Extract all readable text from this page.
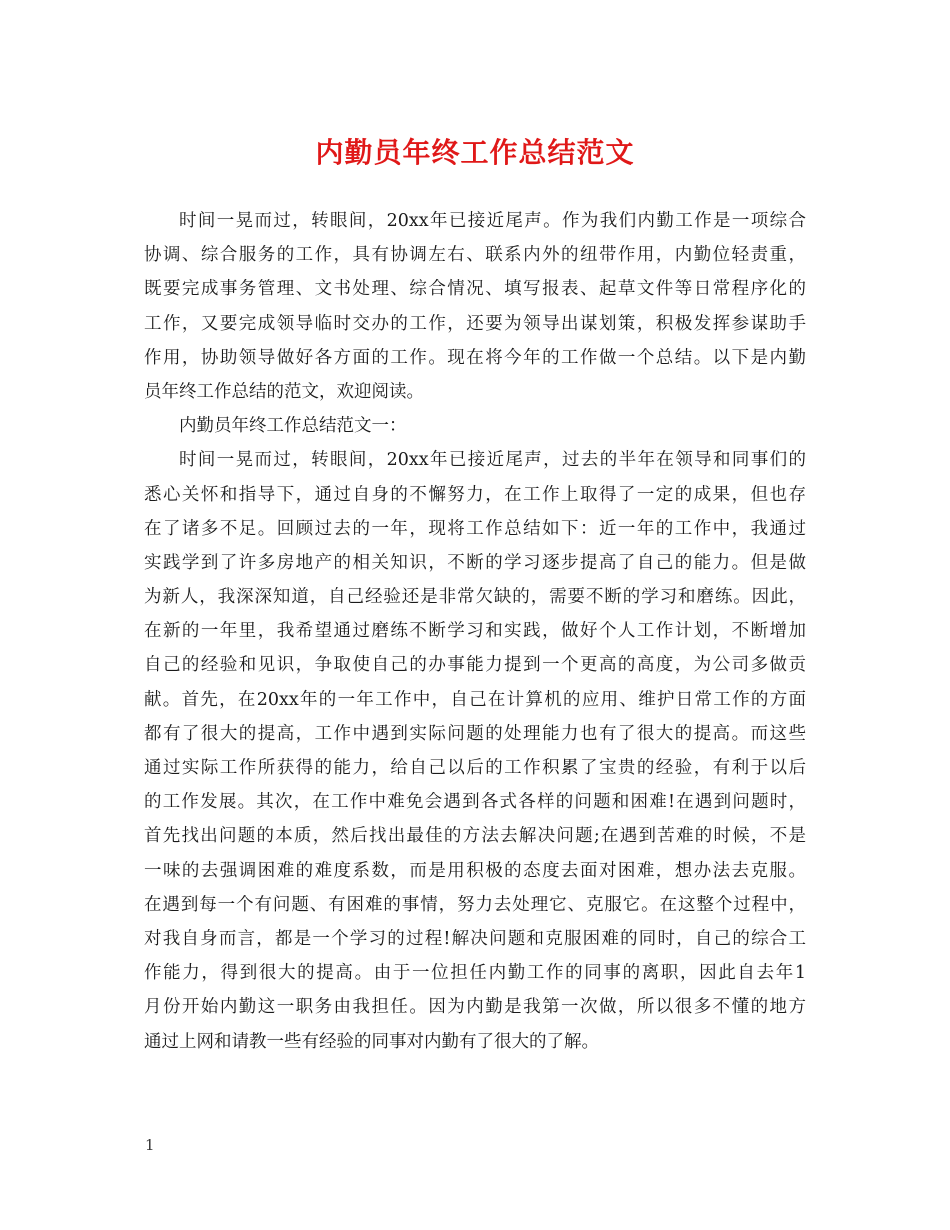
内勤员年终工作总结范文
时间一晃而过，转眼间，20xx年已接近尾声。作为我们内勤工作是一项综合
协调、综合服务的工作，具有协调左右、联系内外的纽带作用，内勤位轻责重，
既要完成事务管理、文书处理、综合情况、填写报表、起草文件等日常程序化的
工作，又要完成领导临时交办的工作，还要为领导出谋划策，积极发挥参谋助手
作用，协助领导做好各方面的工作。现在将今年的工作做一个总结。以下是内勤
员年终工作总结的范文，欢迎阅读。
内勤员年终工作总结范文一：
时间一晃而过，转眼间，20xx年已接近尾声，过去的半年在领导和同事们的
悉心关怀和指导下，通过自身的不懈努力，在工作上取得了一定的成果，但也存
在了诸多不足。回顾过去的一年，现将工作总结如下：近一年的工作中，我通过
实践学到了许多房地产的相关知识，不断的学习逐步提高了自己的能力。但是做
为新人，我深深知道，自己经验还是非常欠缺的，需要不断的学习和磨练。因此，
在新的一年里，我希望通过磨练不断学习和实践，做好个人工作计划，不断增加
自己的经验和见识，争取使自己的办事能力提到一个更高的高度，为公司多做贡
献。首先，在20xx年的一年工作中，自己在计算机的应用、维护日常工作的方面
都有了很大的提高，工作中遇到实际问题的处理能力也有了很大的提高。而这些
通过实际工作所获得的能力，给自己以后的工作积累了宝贵的经验，有利于以后
的工作发展。其次，在工作中难免会遇到各式各样的问题和困难!在遇到问题时，
首先找出问题的本质，然后找出最佳的方法去解决问题;在遇到苦难的时候，不是
一味的去强调困难的难度系数，而是用积极的态度去面对困难，想办法去克服。
在遇到每一个有问题、有困难的事情，努力去处理它、克服它。在这整个过程中，
对我自身而言，都是一个学习的过程!解决问题和克服困难的同时，自己的综合工
作能力，得到很大的提高。由于一位担任内勤工作的同事的离职，因此自去年1
月份开始内勤这一职务由我担任。因为内勤是我第一次做，所以很多不懂的地方
通过上网和请教一些有经验的同事对内勤有了很大的了解。
1
